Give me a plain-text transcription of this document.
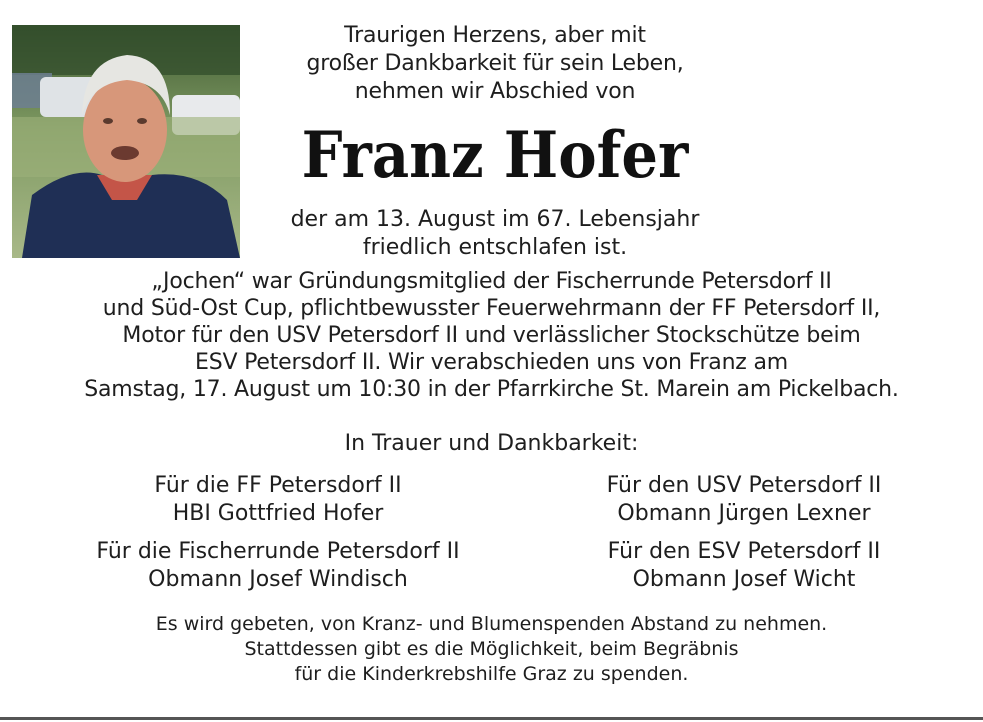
Traurigen Herzens, aber mit
großer Dankbarkeit für sein Leben,
nehmen wir Abschied von
Franz Hofer
der am 13. August im 67. Lebensjahr
friedlich entschlafen ist.
„Jochen“ war Gründungsmitglied der Fischerrunde Petersdorf II
und Süd-Ost Cup, pflichtbewusster Feuerwehrmann der FF Petersdorf II,
Motor für den USV Petersdorf II und verlässlicher Stockschütze beim
ESV Petersdorf II. Wir verabschieden uns von Franz am
Samstag, 17. August um 10:30 in der Pfarrkirche St. Marein am Pickelbach.
In Trauer und Dankbarkeit:
Für die FF Petersdorf II
HBI Gottfried Hofer
Für den USV Petersdorf II
Obmann Jürgen Lexner
Für die Fischerrunde Petersdorf II
Obmann Josef Windisch
Für den ESV Petersdorf II
Obmann Josef Wicht
Es wird gebeten, von Kranz- und Blumenspenden Abstand zu nehmen.
Stattdessen gibt es die Möglichkeit, beim Begräbnis
für die Kinderkrebshilfe Graz zu spenden.
